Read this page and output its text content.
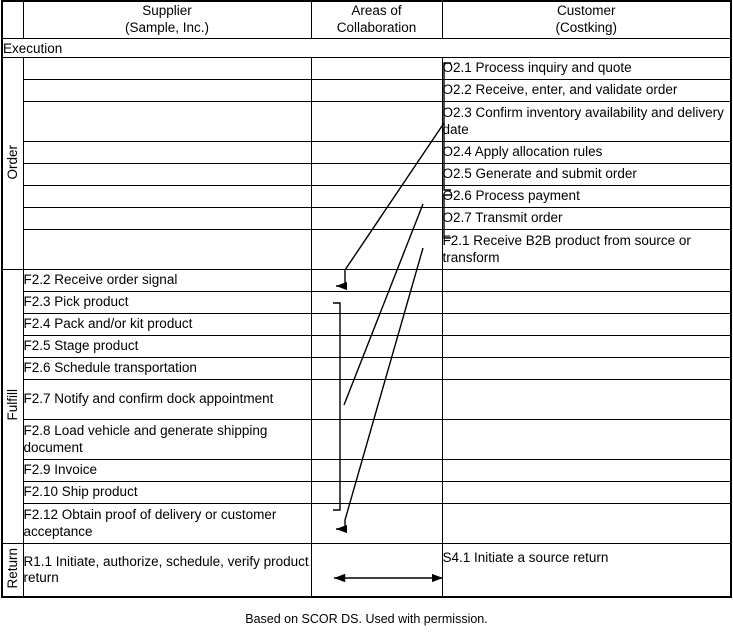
Supplier
(Sample, Inc.)

Areas of
Collaboration

Customer
(Costking)

Execution			
Order			O2.1 Process inquiry and quote
			O2.2 Receive, enter, and validate order
			O2.3 Confirm inventory availability and delivery date
			O2.4 Apply allocation rules
			O2.5 Generate and submit order
			O2.6 Process payment
			O2.7 Transmit order
			F2.1 Receive B2B product from source or transform
Fulfill	F2.2 Receive order signal		
	F2.3 Pick product		
	F2.4 Pack and/or kit product		
	F2.5 Stage product		
	F2.6 Schedule transportation		
	F2.7 Notify and confirm dock appointment		
	F2.8 Load vehicle and generate shipping document		
	F2.9 Invoice		
	F2.10 Ship product		
	F2.12 Obtain proof of delivery or customer acceptance		
Return	R1.1 Initiate, authorize, schedule, verify product return		S4.1 Initiate a source return
Based on SCOR DS. Used with permission.
